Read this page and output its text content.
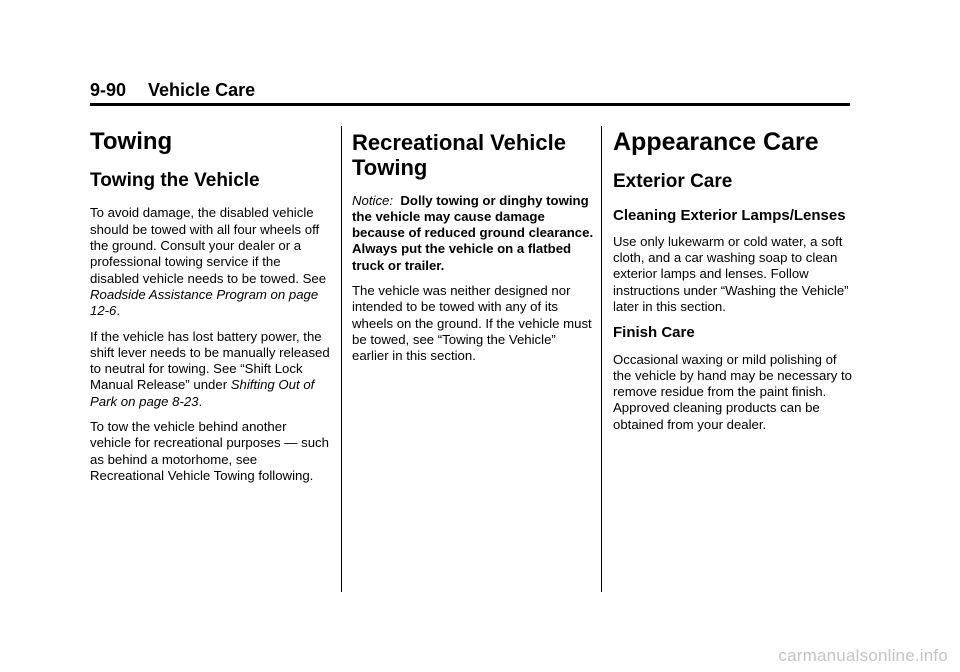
9-90 Vehicle Care
Towing
Towing the Vehicle

To avoid damage, the disabled vehicle should be towed with all four wheels off the ground. Consult your dealer or a professional towing service if the disabled vehicle needs to be towed. See Roadside Assistance Program on page 12-6.

If the vehicle has lost battery power, the shift lever needs to be manually released to neutral for towing. See “Shift Lock Manual Release” under Shifting Out of Park on page 8-23.

To tow the vehicle behind another vehicle for recreational purposes — such as behind a motorhome, see Recreational Vehicle Towing following.

Recreational Vehicle Towing

Notice: Dolly towing or dinghy towing the vehicle may cause damage because of reduced ground clearance. Always put the vehicle on a flatbed truck or trailer.

The vehicle was neither designed nor intended to be towed with any of its wheels on the ground. If the vehicle must be towed, see “Towing the Vehicle” earlier in this section.

Appearance Care
Exterior Care
Cleaning Exterior Lamps/Lenses

Use only lukewarm or cold water, a soft cloth, and a car washing soap to clean exterior lamps and lenses. Follow instructions under “Washing the Vehicle” later in this section.

Finish Care

Occasional waxing or mild polishing of the vehicle by hand may be necessary to remove residue from the paint finish. Approved cleaning products can be obtained from your dealer.

carmanualsonline.info
